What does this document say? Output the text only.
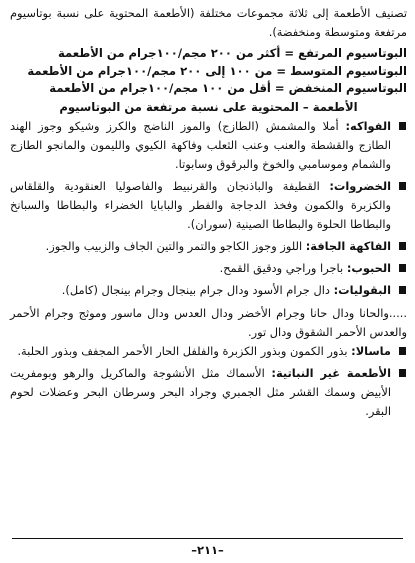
تصنيف الأطعمة إلى ثلاثة مجموعات مختلفة (الأطعمة المحتوية على نسبة بوتاسيوم مرتفعة ومتوسطة ومنخفضة).

البوتاسيوم المرتفع = أكثر من ٢٠٠ مجم/١٠٠جرام من الأطعمة
البوتاسيوم المتوسط = من ١٠٠ إلى ٢٠٠ مجم/١٠٠جرام من الأطعمة
البوتاسيوم المنخفض = أقل من ١٠٠ مجم/١٠٠جرام من الأطعمة
الأطعمة – المحتوية على نسبة مرتفعة من البوتاسيوم
الفواكه: أملا والمشمش (الطازج) والموز الناضج والكرز وشيكو وجوز الهند الطازج والقشطة والعنب وعنب الثعلب وفاكهة الكيوي والليمون والمانجو الطازج والشمام وموسامبي والخوخ والبرقوق وسابوتا.
الخضروات: القطيفة والباذنجان والقرنبيط والفاصوليا العنقودية والقلقاس والكزبرة والكمون وفخذ الدجاجة والفطر والبابايا الخضراء والبطاطا والسبانخ والبطاطا الحلوة والبطاطا الصينية (سوران).
الفاكهة الجافة: اللوز وجوز الكاجو والتمر والتين الجاف والزبيب والجوز.
الحبوب: باجرا وراجي ودقيق القمح.
البقوليات: دال جرام الأسود ودال جرام بينجال وجرام بينجال (كامل).

.....والحانا ودال حانا وجرام الأخضر ودال العدس ودال ماسور وموثج وجرام الأحمر والعدس الأحمر الشقوق ودال تور.

ماسالا: بذور الكمون وبذور الكزبرة والفلفل الحار الأحمر المجفف وبذور الحلبة.
الأطعمة غير النباتية: الأسماك مثل الأنشوجة والماكريل والرهو وبومفريت الأبيض وسمك القشر مثل الجمبري وجراد البحر وسرطان البحر وعضلات لحوم البقر.
–٢١١–
